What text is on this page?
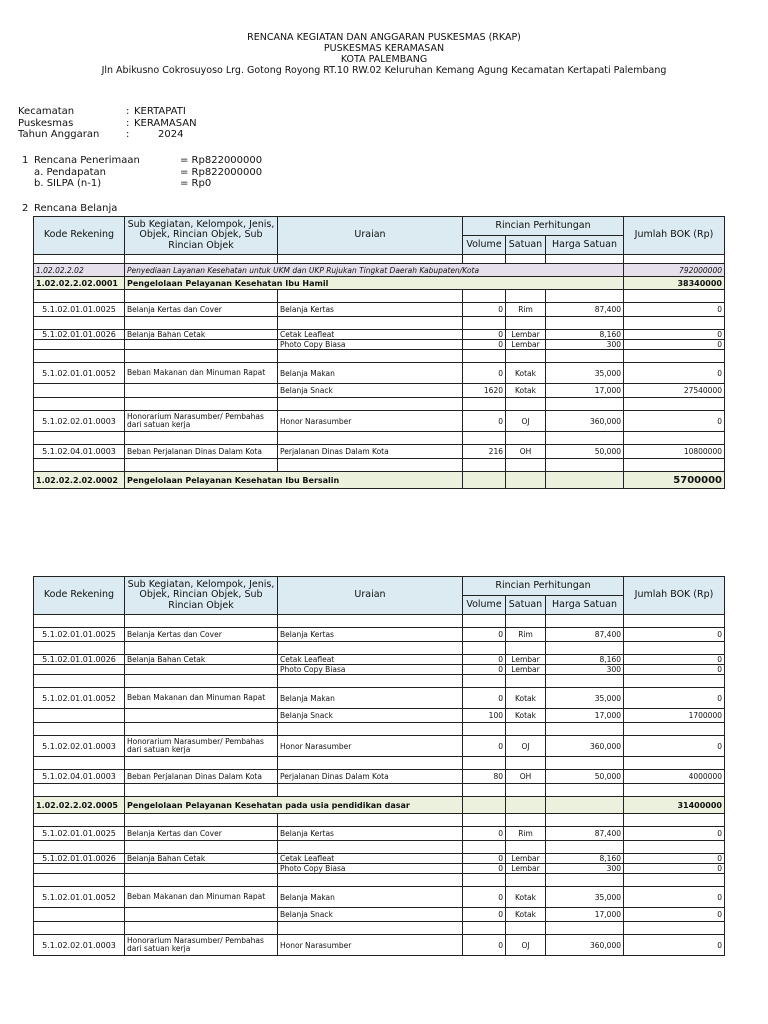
RENCANA KEGIATAN DAN ANGGARAN PUSKESMAS (RKAP)
PUSKESMAS KERAMASAN
KOTA PALEMBANG
Jln Abikusno Cokrosuyoso Lrg. Gotong Royong RT.10 RW.02 Keluruhan Kemang Agung Kecamatan Kertapati Palembang
Kecamatan	: KERTAPATI
Puskesmas	: KERAMASAN
Tahun Anggaran	:	2024
1 Rencana Penerimaan	= Rp822000000
a. Pendapatan	= Rp822000000
b. SILPA (n-1)	= Rp0
2 Rencana Belanja
Kode Rekening	Sub Kegiatan, Kelompok, Jenis, Objek, Rincian Objek, Sub Rincian Objek	Uraian	Rincian Perhitungan			Jumlah BOK (Rp)
			Volume	Satuan	Harga Satuan	

1.02.02.2.02	Penyediaan Layanan Kesehatan untuk UKM dan UKP Rujukan Tingkat Daerah Kabupaten/Kota					792000000
1.02.02.2.02.0001	Pengelolaan Pelayanan Kesehatan Ibu Hamil					38340000

5.1.02.01.01.0025	Belanja Kertas dan Cover	Belanja Kertas	0	Rim	87,400	0

5.1.02.01.01.0026	Belanja Bahan Cetak	Cetak Leafleat	0	Lembar	8,160	0
		Photo Copy Biasa	0	Lembar	300	0

5.1.02.01.01.0052	Beban Makanan dan Minuman Rapat	Belanja Makan	0	Kotak	35,000	0
		Belanja Snack	1620	Kotak	17,000	27540000

5.1.02.02.01.0003	Honorarium Narasumber/ Pembahas dari satuan kerja	Honor Narasumber	0	OJ	360,000	0

5.1.02.04.01.0003	Beban Perjalanan Dinas Dalam Kota	Perjalanan Dinas Dalam Kota	216	OH	50,000	10800000

1.02.02.2.02.0002	Pengelolaan Pelayanan Kesehatan Ibu Bersalin					5700000
Kode Rekening	Sub Kegiatan, Kelompok, Jenis, Objek, Rincian Objek, Sub Rincian Objek	Uraian	Rincian Perhitungan			Jumlah BOK (Rp)
			Volume	Satuan	Harga Satuan	

5.1.02.01.01.0025	Belanja Kertas dan Cover	Belanja Kertas	0	Rim	87,400	0

5.1.02.01.01.0026	Belanja Bahan Cetak	Cetak Leafleat	0	Lembar	8,160	0
		Photo Copy Biasa	0	Lembar	300	0

5.1.02.01.01.0052	Beban Makanan dan Minuman Rapat	Belanja Makan	0	Kotak	35,000	0
		Belanja Snack	100	Kotak	17,000	1700000

5.1.02.02.01.0003	Honorarium Narasumber/ Pembahas dari satuan kerja	Honor Narasumber	0	OJ	360,000	0

5.1.02.04.01.0003	Beban Perjalanan Dinas Dalam Kota	Perjalanan Dinas Dalam Kota	80	OH	50,000	4000000

1.02.02.2.02.0005	Pengelolaan Pelayanan Kesehatan pada usia pendidikan dasar					31400000

5.1.02.01.01.0025	Belanja Kertas dan Cover	Belanja Kertas	0	Rim	87,400	0

5.1.02.01.01.0026	Belanja Bahan Cetak	Cetak Leafleat	0	Lembar	8,160	0
		Photo Copy Biasa	0	Lembar	300	0

5.1.02.01.01.0052	Beban Makanan dan Minuman Rapat	Belanja Makan	0	Kotak	35,000	0
		Belanja Snack	0	Kotak	17,000	0

5.1.02.02.01.0003	Honorarium Narasumber/ Pembahas dari satuan kerja	Honor Narasumber	0	OJ	360,000	0
